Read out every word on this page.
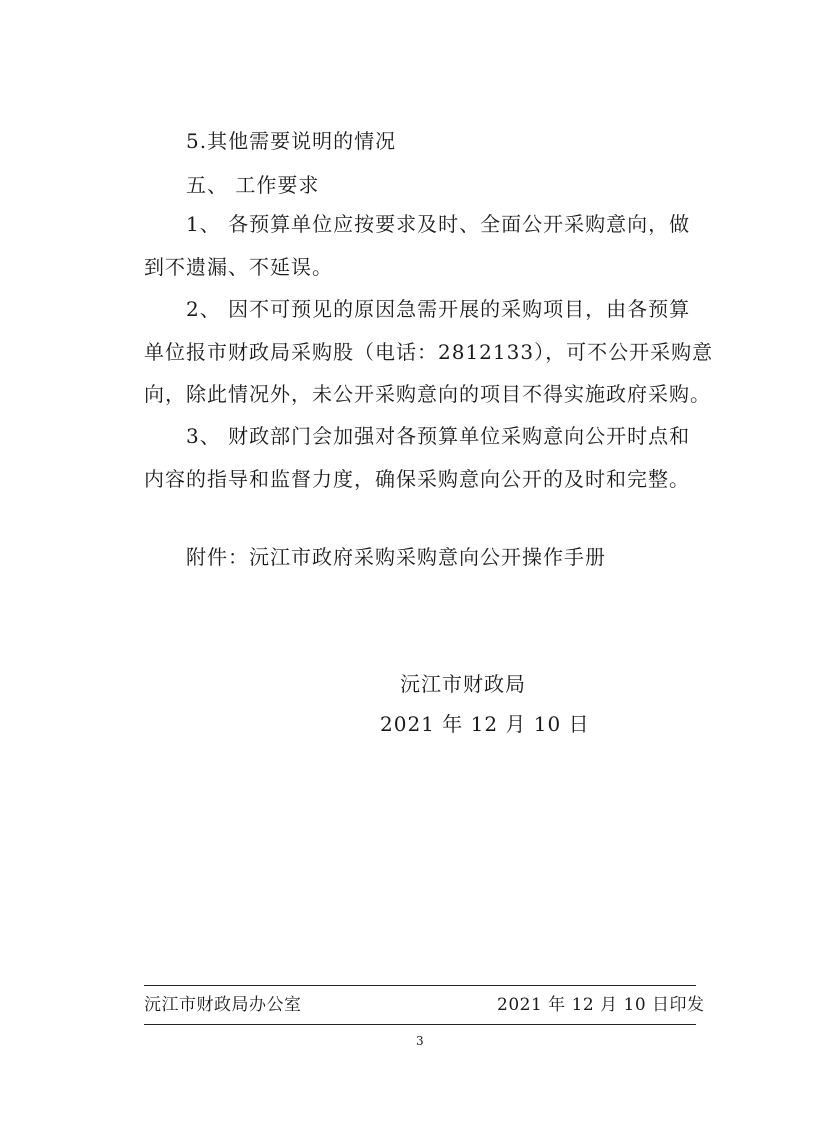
5.其他需要说明的情况
五、 工作要求
1、 各预算单位应按要求及时、全面公开采购意向，做
到不遗漏、不延误。
2、 因不可预见的原因急需开展的采购项目，由各预算
单位报市财政局采购股（电话：2812133），可不公开采购意
向，除此情况外，未公开采购意向的项目不得实施政府采购。
3、 财政部门会加强对各预算单位采购意向公开时点和
内容的指导和监督力度，确保采购意向公开的及时和完整。
附件：沅江市政府采购采购意向公开操作手册
沅江市财政局
2021 年 12 月 10 日
沅江市财政局办公室	2021 年 12 月 10 日印发
3
